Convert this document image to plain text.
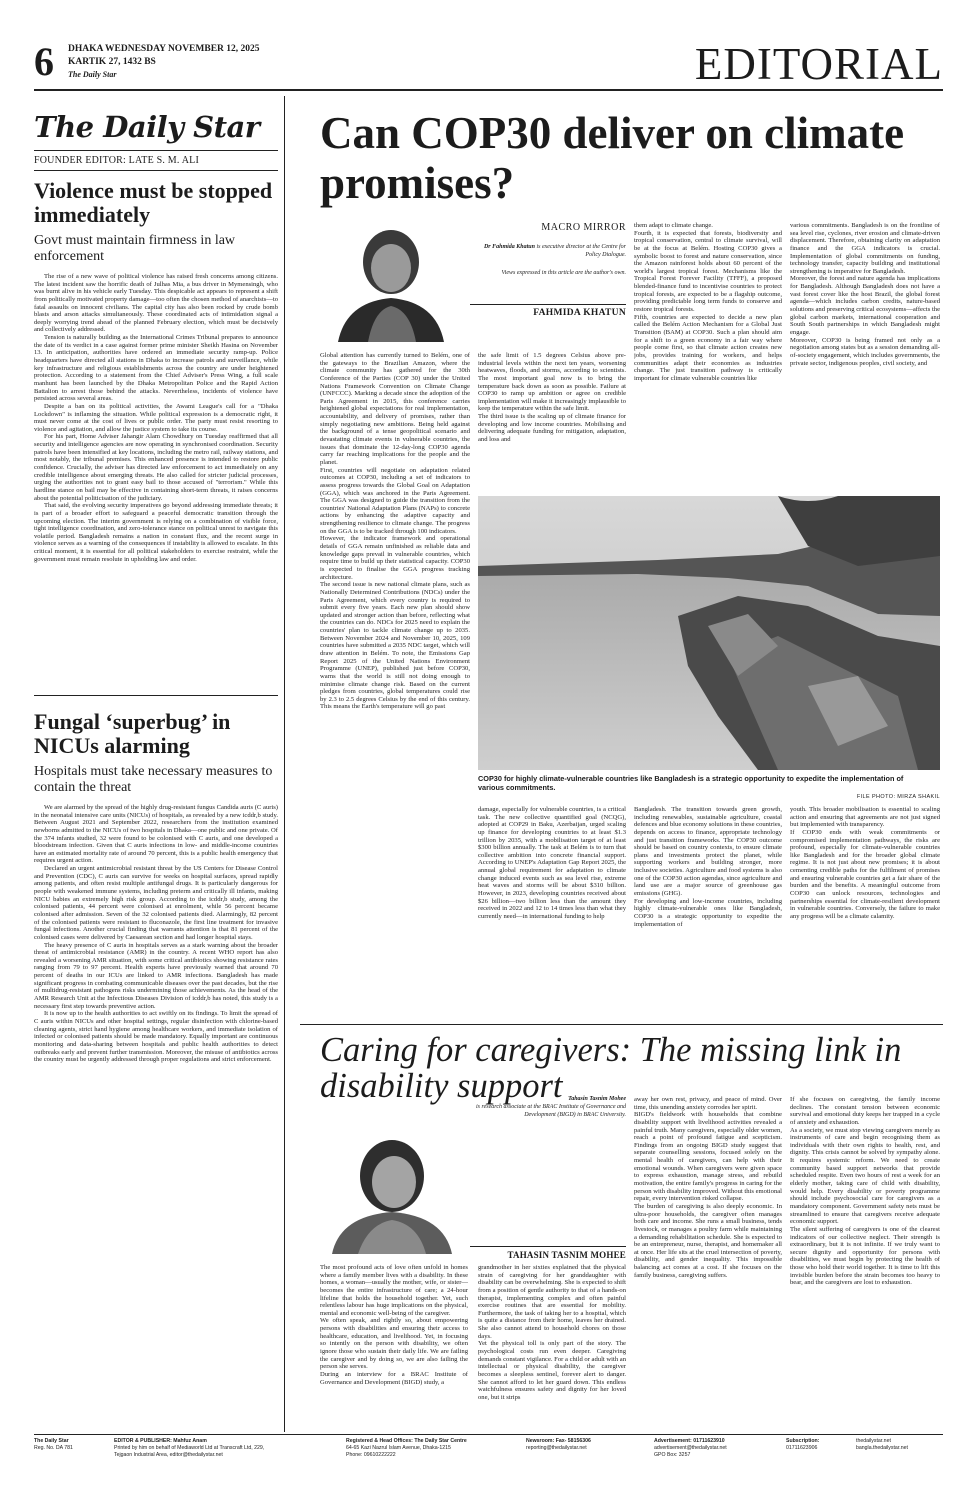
6 DHAKA WEDNESDAY NOVEMBER 12, 2025
KARTIK 27, 1432 BS
The Daily Star	EDITORIAL
The Daily Star
FOUNDER EDITOR: LATE S. M. ALI
Violence must be stopped immediately
Govt must maintain firmness in law enforcement

The rise of a new wave of political violence has raised fresh concerns among citizens. The latest incident saw the horrific death of Julhas Mia, a bus driver in Mymensingh, who was burnt alive in his vehicle early Tuesday. This despicable act appears to represent a shift from politically motivated property damage—too often the chosen method of anarchists—to fatal assaults on innocent civilians. The capital city has also been rocked by crude bomb blasts and arson attacks simultaneously. These coordinated acts of intimidation signal a deeply worrying trend ahead of the planned February election, which must be decisively and collectively addressed.

Tension is naturally building as the International Crimes Tribunal prepares to announce the date of its verdict in a case against former prime minister Sheikh Hasina on November 13. In anticipation, authorities have ordered an immediate security ramp-up. Police headquarters have directed all stations in Dhaka to increase patrols and surveillance, while key infrastructure and religious establishments across the country are under heightened protection. According to a statement from the Chief Adviser's Press Wing, a full scale manhunt has been launched by the Dhaka Metropolitan Police and the Rapid Action Battalion to arrest those behind the attacks. Nevertheless, incidents of violence have persisted across several areas.

Despite a ban on its political activities, the Awami League's call for a "Dhaka Lockdown" is inflaming the situation. While political expression is a democratic right, it must never come at the cost of lives or public order. The party must resist resorting to violence and agitation, and allow the justice system to take its course.

For his part, Home Adviser Jahangir Alam Chowdhury on Tuesday reaffirmed that all security and intelligence agencies are now operating in synchronised coordination. Security patrols have been intensified at key locations, including the metro rail, railway stations, and most notably, the tribunal premises. This enhanced presence is intended to restore public confidence. Crucially, the adviser has directed law enforcement to act immediately on any credible intelligence about emerging threats. He also called for stricter judicial processes, urging the authorities not to grant easy bail to those accused of "terrorism." While this hardline stance on bail may be effective in containing short-term threats, it raises concerns about the potential politicisation of the judiciary.

That said, the evolving security imperatives go beyond addressing immediate threats; it is part of a broader effort to safeguard a peaceful democratic transition through the upcoming election. The interim government is relying on a combination of visible force, tight intelligence coordination, and zero-tolerance stance on political unrest to navigate this volatile period. Bangladesh remains a nation in constant flux, and the recent surge in violence serves as a warning of the consequences if instability is allowed to escalate. In this critical moment, it is essential for all political stakeholders to exercise restraint, while the government must remain resolute in upholding law and order.

Fungal ‘superbug’ in NICUs alarming
Hospitals must take necessary measures to contain the threat

We are alarmed by the spread of the highly drug-resistant fungus Candida auris (C auris) in the neonatal intensive care units (NICUs) of hospitals, as revealed by a new icddr,b study. Between August 2021 and September 2022, researchers from the institution examined newborns admitted to the NICUs of two hospitals in Dhaka—one public and one private. Of the 374 infants studied, 32 were found to be colonised with C auris, and one developed a bloodstream infection. Given that C auris infections in low- and middle-income countries have an estimated mortality rate of around 70 percent, this is a public health emergency that requires urgent action.

Declared an urgent antimicrobial resistant threat by the US Centers for Disease Control and Prevention (CDC), C auris can survive for weeks on hospital surfaces, spread rapidly among patients, and often resist multiple antifungal drugs. It is particularly dangerous for people with weakened immune systems, including preterm and critically ill infants, making NICU babies an extremely high risk group. According to the icddr,b study, among the colonised patients, 44 percent were colonised at enrolment, while 56 percent became colonised after admission. Seven of the 32 colonised patients died. Alarmingly, 82 percent of the colonised patients were resistant to fluconazole, the first line treatment for invasive fungal infections. Another crucial finding that warrants attention is that 81 percent of the colonised cases were delivered by Caesarean section and had longer hospital stays.

The heavy presence of C auris in hospitals serves as a stark warning about the broader threat of antimicrobial resistance (AMR) in the country. A recent WHO report has also revealed a worsening AMR situation, with some critical antibiotics showing resistance rates ranging from 79 to 97 percent. Health experts have previously warned that around 70 percent of deaths in our ICUs are linked to AMR infections. Bangladesh has made significant progress in combating communicable diseases over the past decades, but the rise of multidrug-resistant pathogens risks undermining those achievements. As the head of the AMR Research Unit at the Infectious Diseases Division of icddr,b has noted, this study is a necessary first step towards preventive action.

It is now up to the health authorities to act swiftly on its findings. To limit the spread of C auris within NICUs and other hospital settings, regular disinfection with chlorine-based cleaning agents, strict hand hygiene among healthcare workers, and immediate isolation of infected or colonised patients should be made mandatory. Equally important are continuous monitoring and data-sharing between hospitals and public health authorities to detect outbreaks early and prevent further transmission. Moreover, the misuse of antibiotics across the country must be urgently addressed through proper regulations and strict enforcement.

Can COP30 deliver on climate promises?
MACRO MIRROR
Dr Fahmida Khatun is executive director at the Centre for Policy Dialogue.
Views expressed in this article are the author's own.
FAHMIDA KHATUN
Global attention has currently turned to Belém, one of the gateways to the Brazilian Amazon, where the climate community has gathered for the 30th Conference of the Parties (COP 30) under the United Nations Framework Convention on Climate Change (UNFCCC). Marking a decade since the adoption of the Paris Agreement in 2015, this conference carries heightened global expectations for real implementation, accountability, and delivery of promises, rather than simply negotiating new ambitions. Being held against the background of a tense geopolitical scenario and devastating climate events in vulnerable countries, the issues that dominate the 12-day-long COP30 agenda carry far reaching implications for the people and the planet.
First, countries will negotiate on adaptation related outcomes at COP30, including a set of indicators to assess progress towards the Global Goal on Adaptation (GGA), which was anchored in the Paris Agreement. The GGA was designed to guide the transition from the countries' National Adaptation Plans (NAPs) to concrete actions by enhancing the adaptive capacity and strengthening resilience to climate change. The progress on the GGA is to be tracked through 100 indicators.
However, the indicator framework and operational details of GGA remain unfinished as reliable data and knowledge gaps prevail in vulnerable countries, which require time to build up their statistical capacity. COP30 is expected to finalise the GGA progress tracking architecture.
The second issue is new national climate plans, such as Nationally Determined Contributions (NDCs) under the Paris Agreement, which every country is required to submit every five years. Each new plan should show updated and stronger action than before, reflecting what the countries can do. NDCs for 2025 need to explain the countries' plan to tackle climate change up to 2035. Between November 2024 and November 10, 2025, 109 countries have submitted a 2035 NDC target, which will draw attention in Belém. To note, the Emissions Gap Report 2025 of the United Nations Environment Programme (UNEP), published just before COP30, warns that the world is still not doing enough to minimise climate change risk. Based on the current pledges from countries, global temperatures could rise by 2.3 to 2.5 degrees Celsius by the end of this century. This means the Earth's temperature will go past
the safe limit of 1.5 degrees Celsius above pre-industrial levels within the next ten years, worsening heatwaves, floods, and storms, according to scientists. The most important goal now is to bring the temperature back down as soon as possible. Failure at COP30 to ramp up ambition or agree on credible implementation will make it increasingly implausible to keep the temperature within the safe limit.
The third issue is the scaling up of climate finance for developing and low income countries. Mobilising and delivering adequate funding for mitigation, adaptation, and loss and
them adapt to climate change.
Fourth, it is expected that forests, biodiversity and tropical conservation, central to climate survival, will be at the focus at Belém. Hosting COP30 gives a symbolic boost to forest and nature conservation, since the Amazon rainforest holds about 60 percent of the world's largest tropical forest. Mechanisms like the Tropical Forest Forever Facility (TFFF), a proposed blended-finance fund to incentivise countries to protect tropical forests, are expected to be a flagship outcome, providing predictable long term funds to conserve and restore tropical forests.
Fifth, countries are expected to decide a new plan called the Belém Action Mechanism for a Global Just Transition (BAM) at COP30. Such a plan should aim for a shift to a green economy in a fair way where people come first, so that climate action creates new jobs, provides training for workers, and helps communities adapt their economies as industries change. The just transition pathway is critically important for climate vulnerable countries like
various commitments. Bangladesh is on the frontline of sea level rise, cyclones, river erosion and climate-driven displacement. Therefore, obtaining clarity on adaptation finance and the GGA indicators is crucial. Implementation of global commitments on funding, technology transfer, capacity building and institutional strengthening is imperative for Bangladesh.
Moreover, the forest and nature agenda has implications for Bangladesh. Although Bangladesh does not have a vast forest cover like the host Brazil, the global forest agenda—which includes carbon credits, nature-based solutions and preserving critical ecosystems—affects the global carbon markets, international cooperation and South South partnerships in which Bangladesh might engage.
Moreover, COP30 is being framed not only as a negotiation among states but as a session demanding all-of-society engagement, which includes governments, the private sector, indigenous peoples, civil society, and
COP30 for highly climate-vulnerable countries like Bangladesh is a strategic opportunity to expedite the implementation of various commitments.
FILE PHOTO: MIRZA SHAKIL
damage, especially for vulnerable countries, is a critical task. The new collective quantified goal (NCQG), adopted at COP29 in Baku, Azerbaijan, urged scaling up finance for developing countries to at least $1.3 trillion by 2035, with a mobilisation target of at least $300 billion annually. The task at Belém is to turn that collective ambition into concrete financial support. According to UNEP's Adaptation Gap Report 2025, the annual global requirement for adaptation to climate change induced events such as sea level rise, extreme heat waves and storms will be about $310 billion. However, in 2023, developing countries received about $26 billion—two billion less than the amount they received in 2022 and 12 to 14 times less than what they currently need—in international funding to help
Bangladesh. The transition towards green growth, including renewables, sustainable agriculture, coastal defences and blue economy solutions in these countries, depends on access to finance, appropriate technology and just transition frameworks. The COP30 outcome should be based on country contexts, to ensure climate plans and investments protect the planet, while supporting workers and building stronger, more inclusive societies. Agriculture and food systems is also one of the COP30 action agendas, since agriculture and land use are a major source of greenhouse gas emissions (GHG).
For developing and low-income countries, including highly climate-vulnerable ones like Bangladesh, COP30 is a strategic opportunity to expedite the implementation of
youth. This broader mobilisation is essential to scaling action and ensuring that agreements are not just signed but implemented with transparency.
If COP30 ends with weak commitments or compromised implementation pathways, the risks are profound, especially for climate-vulnerable countries like Bangladesh and for the broader global climate regime. It is not just about new promises; it is about cementing credible paths for the fulfilment of promises and ensuring vulnerable countries get a fair share of the burden and the benefits. A meaningful outcome from COP30 can unlock resources, technologies and partnerships essential for climate-resilient development in vulnerable countries. Conversely, the failure to make any progress will be a climate calamity.
Caring for caregivers: The missing link in disability support Tahasin Tasnim Mohee
is research associate at the BRAC Institute of Governance and Development (BIGD) in BRAC University.
TAHASIN TASNIM MOHEE
The most profound acts of love often unfold in homes where a family member lives with a disability. In these homes, a woman—usually the mother, wife, or sister—becomes the entire infrastructure of care; a 24-hour lifeline that holds the household together. Yet, such relentless labour has huge implications on the physical, mental and economic well-being of the caregiver.
We often speak, and rightly so, about empowering persons with disabilities and ensuring their access to healthcare, education, and livelihood. Yet, in focusing so intently on the person with disability, we often ignore those who sustain their daily life. We are failing the caregiver and by doing so, we are also failing the person she serves.
During an interview for a BRAC Institute of Governance and Development (BIGD) study, a
grandmother in her sixties explained that the physical strain of caregiving for her granddaughter with disability can be overwhelming. She is expected to shift from a position of gentle authority to that of a hands-on therapist, implementing complex and often painful exercise routines that are essential for mobility. Furthermore, the task of taking her to a hospital, which is quite a distance from their home, leaves her drained. She also cannot attend to household chores on those days.
Yet the physical toll is only part of the story. The psychological costs run even deeper. Caregiving demands constant vigilance. For a child or adult with an intellectual or physical disability, the caregiver becomes a sleepless sentinel, forever alert to danger. She cannot afford to let her guard down. This endless watchfulness ensures safety and dignity for her loved one, but it strips
away her own rest, privacy, and peace of mind. Over time, this unending anxiety corrodes her spirit.
BIGD's fieldwork with households that combine disability support with livelihood activities revealed a painful truth. Many caregivers, especially older women, reach a point of profound fatigue and scepticism. Findings from an ongoing BIGD study suggest that separate counselling sessions, focused solely on the mental health of caregivers, can help with their emotional wounds. When caregivers were given space to express exhaustion, manage stress, and rebuild motivation, the entire family's progress in caring for the person with disability improved. Without this emotional repair, every intervention risked collapse.
The burden of caregiving is also deeply economic. In ultra-poor households, the caregiver often manages both care and income. She runs a small business, tends livestock, or manages a poultry farm while maintaining a demanding rehabilitation schedule. She is expected to be an entrepreneur, nurse, therapist, and homemaker all at once. Her life sits at the cruel intersection of poverty, disability, and gender inequality. This impossible balancing act comes at a cost. If she focuses on the family business, caregiving suffers.
If she focuses on caregiving, the family income declines. The constant tension between economic survival and emotional duty keeps her trapped in a cycle of anxiety and exhaustion.
As a society, we must stop viewing caregivers merely as instruments of care and begin recognising them as individuals with their own rights to health, rest, and dignity. This crisis cannot be solved by sympathy alone. It requires systemic reform. We need to create community based support networks that provide scheduled respite. Even two hours of rest a week for an elderly mother, taking care of child with disability, would help. Every disability or poverty programme should include psychosocial care for caregivers as a mandatory component. Government safety nets must be streamlined to ensure that caregivers receive adequate economic support.
The silent suffering of caregivers is one of the clearest indicators of our collective neglect. Their strength is extraordinary, but it is not infinite. If we truly want to secure dignity and opportunity for persons with disabilities, we must begin by protecting the health of those who hold their world together. It is time to lift this invisible burden before the strain becomes too heavy to bear, and the caregivers are lost to exhaustion.
The Daily Star
Reg. No. DA 781
EDITOR & PUBLISHER: Mahfuz Anam
Printed by him on behalf of Mediaworld Ltd at Transcraft Ltd, 229,
Tejgaon Industrial Area, editor@thedailystar.net
Registered & Head Offices: The Daily Star Centre
64-65 Kazi Nazrul Islam Avenue, Dhaka-1215
Phone: 09610222222
Newsroom: Fax- 58156306
reporting@thedailystar.net
Advertisement: 01711623910
advertisement@thedailystar.net
GPO Box: 3257
Subscription:
01711623906
thedailystar.net
bangla.thedailystar.net
